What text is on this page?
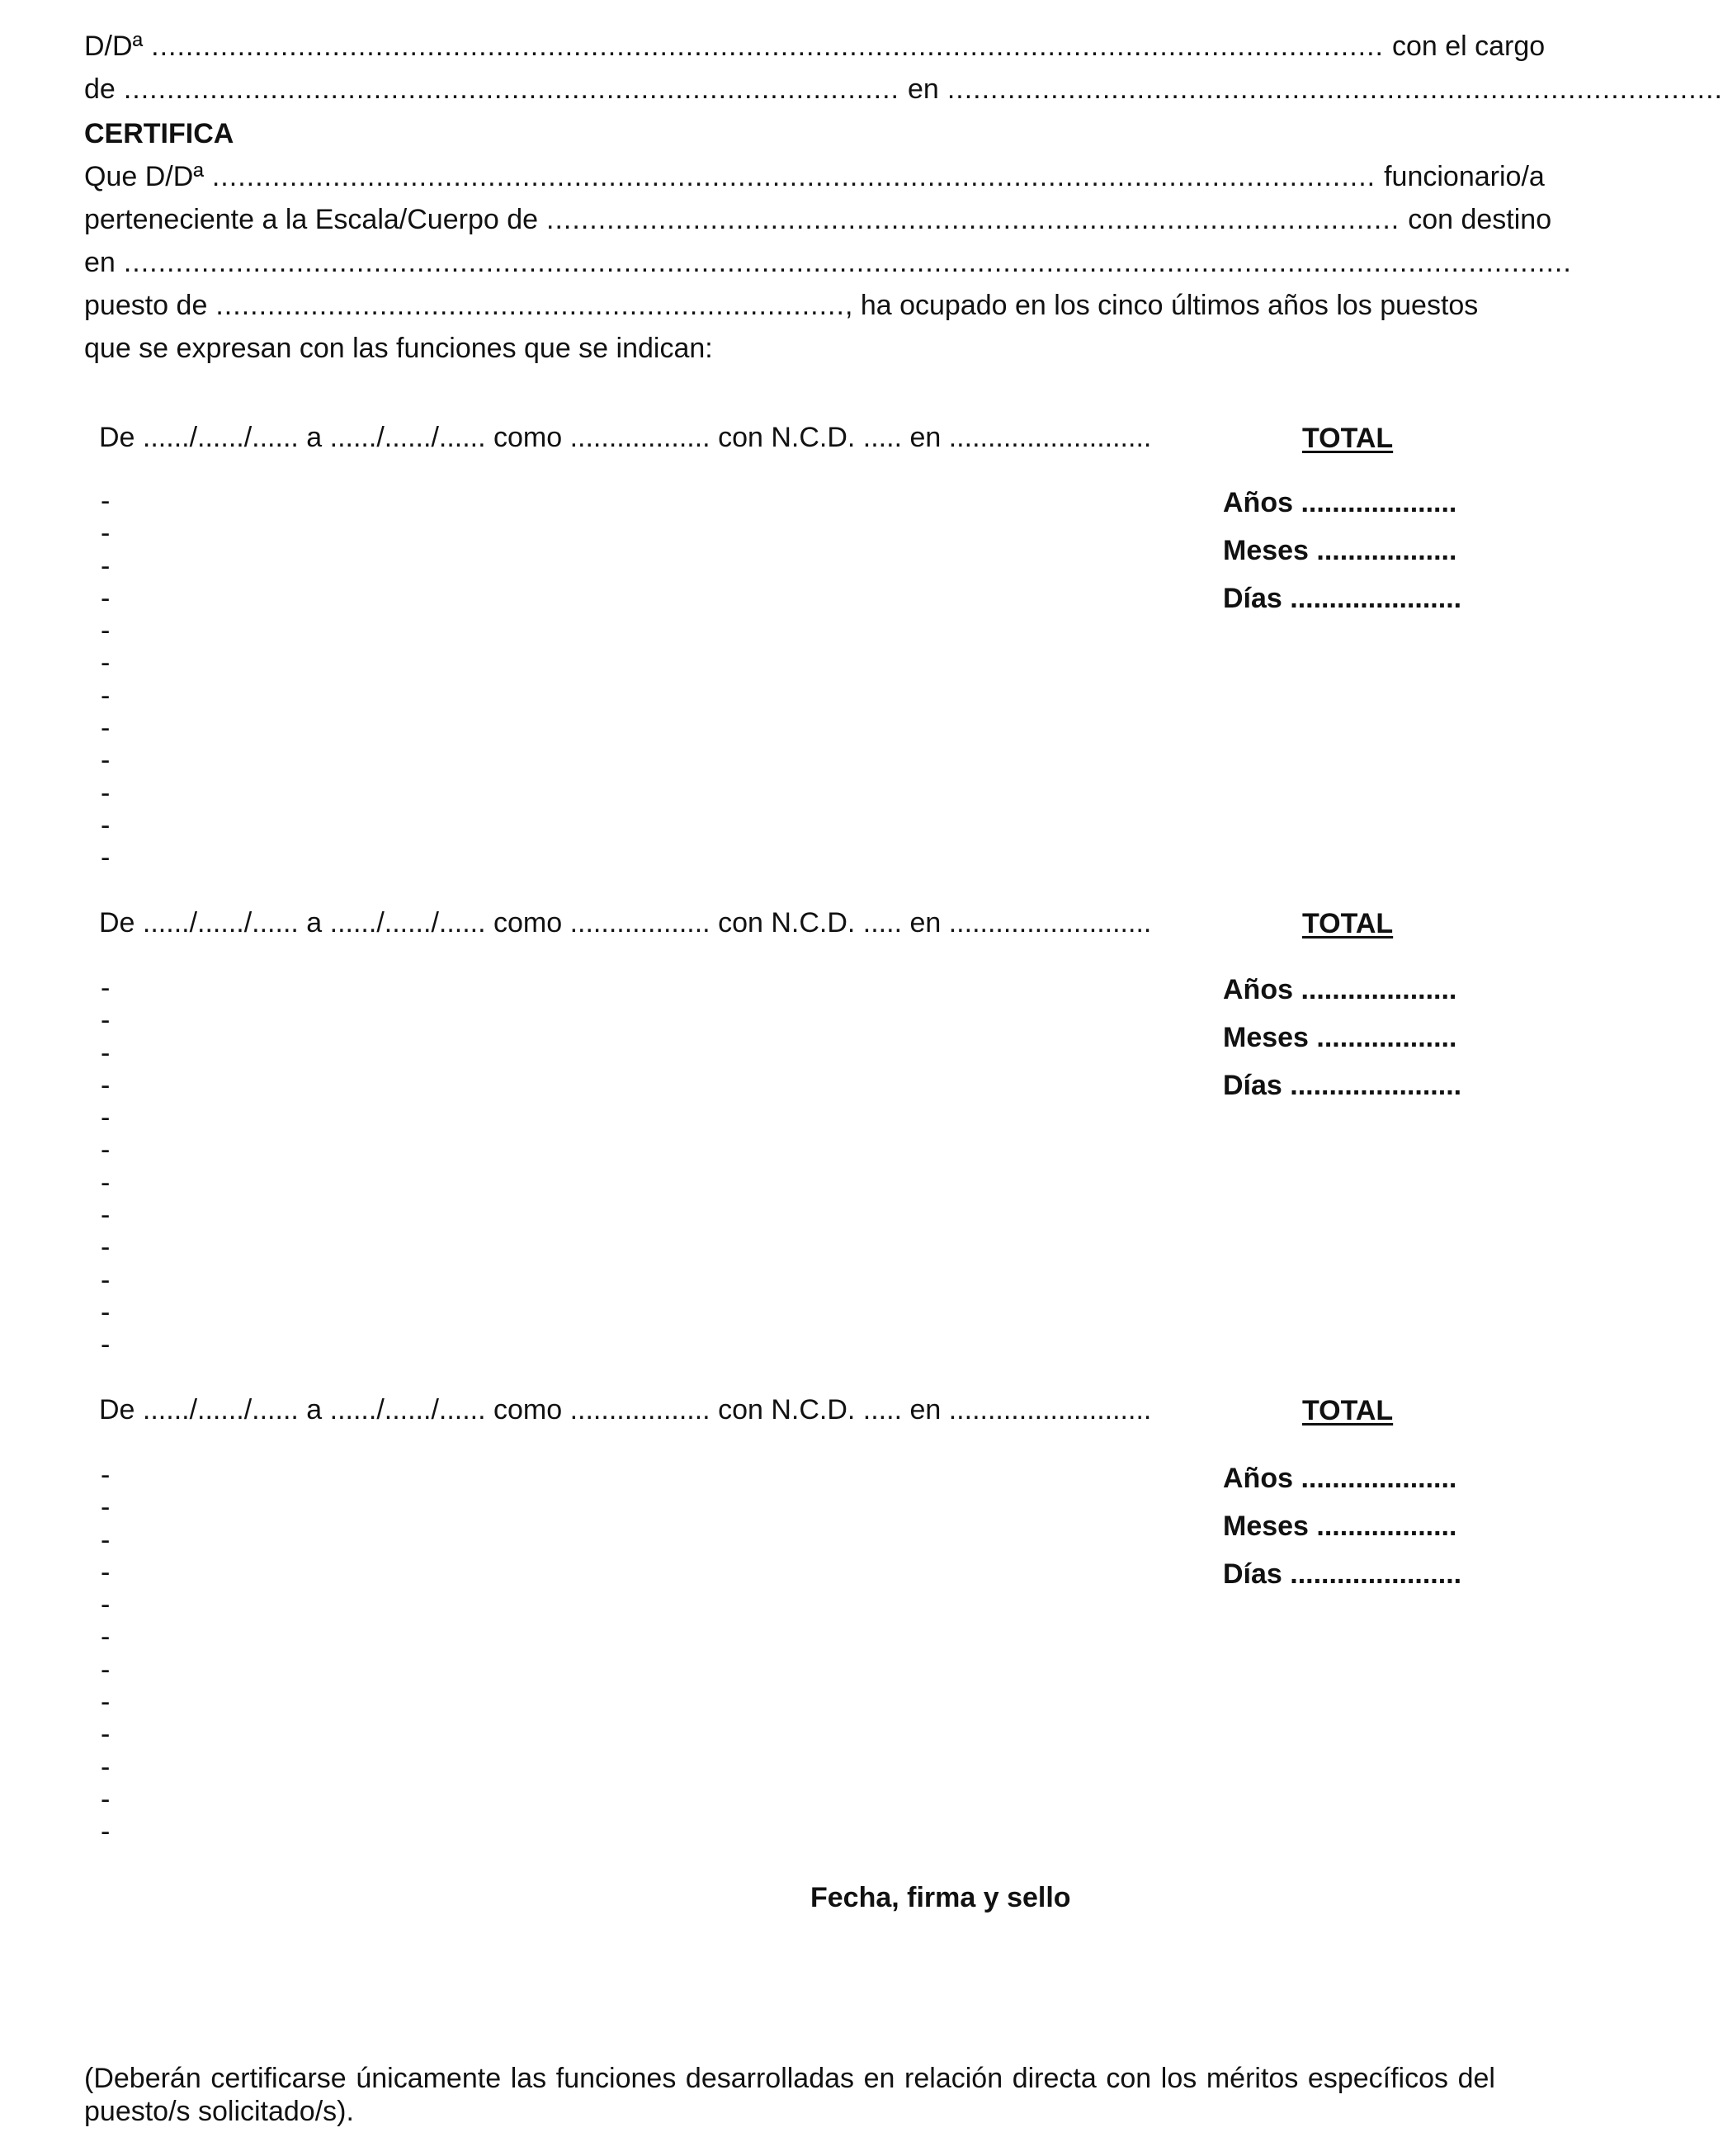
D/Dª ............................................................................................................................................... con el cargo
de .......................................................................................... en ..........................................................................................
CERTIFICA
Que D/Dª ....................................................................................................................................... funcionario/a
perteneciente a la Escala/Cuerpo de ................................................................................................... con destino
en ........................................................................................................................................................................
puesto de ......................................................................... , ha ocupado en los cinco últimos años los puestos
que se expresan con las funciones que se indican:
De ....../....../...... a ....../....../...... como .................. con N.C.D. ..... en ..........................	TOTAL
-
-
-
-
-
-
-
-
-
-
-
-
Años ....................
Meses ..................
Días ......................
De ....../....../...... a ....../....../...... como .................. con N.C.D. ..... en ..........................	TOTAL
-
-
-
-
-
-
-
-
-
-
-
-
Años ....................
Meses ..................
Días ......................
De ....../....../...... a ....../....../...... como .................. con N.C.D. ..... en ..........................	TOTAL
-
-
-
-
-
-
-
-
-
-
-
-
Años ....................
Meses ..................
Días ......................
Fecha, firma y sello
(Deberán certificarse únicamente las funciones desarrolladas en relación directa con los méritos específicos del puesto/s solicitado/s).
